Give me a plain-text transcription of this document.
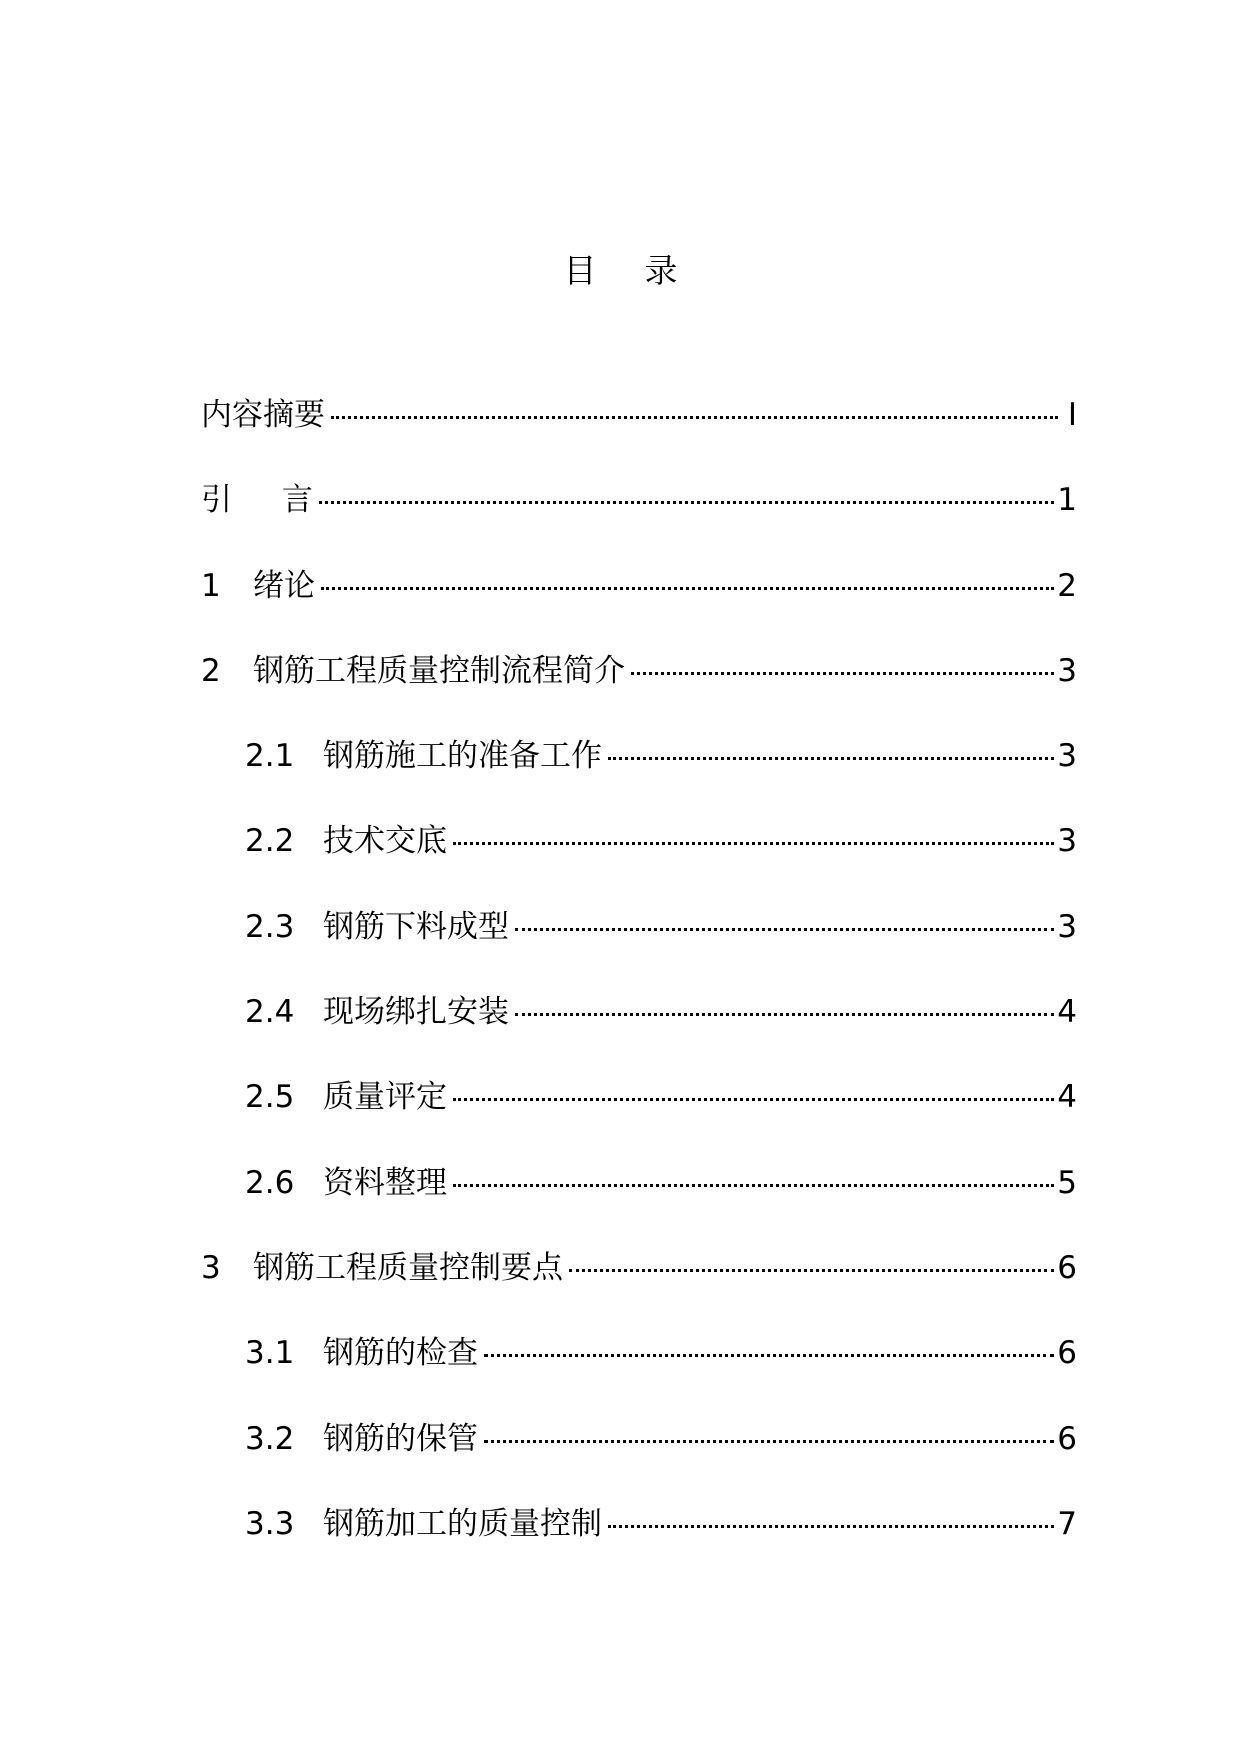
目 录
内容摘要	I
引 言	1
1	绪论	2
2	钢筋工程质量控制流程简介	3
2.1 钢筋施工的准备工作	3
2.2 技术交底	3
2.3 钢筋下料成型	3
2.4 现场绑扎安装	4
2.5 质量评定	4
2.6 资料整理	5
3	钢筋工程质量控制要点	6
3.1 钢筋的检查	6
3.2 钢筋的保管	6
3.3 钢筋加工的质量控制	7
